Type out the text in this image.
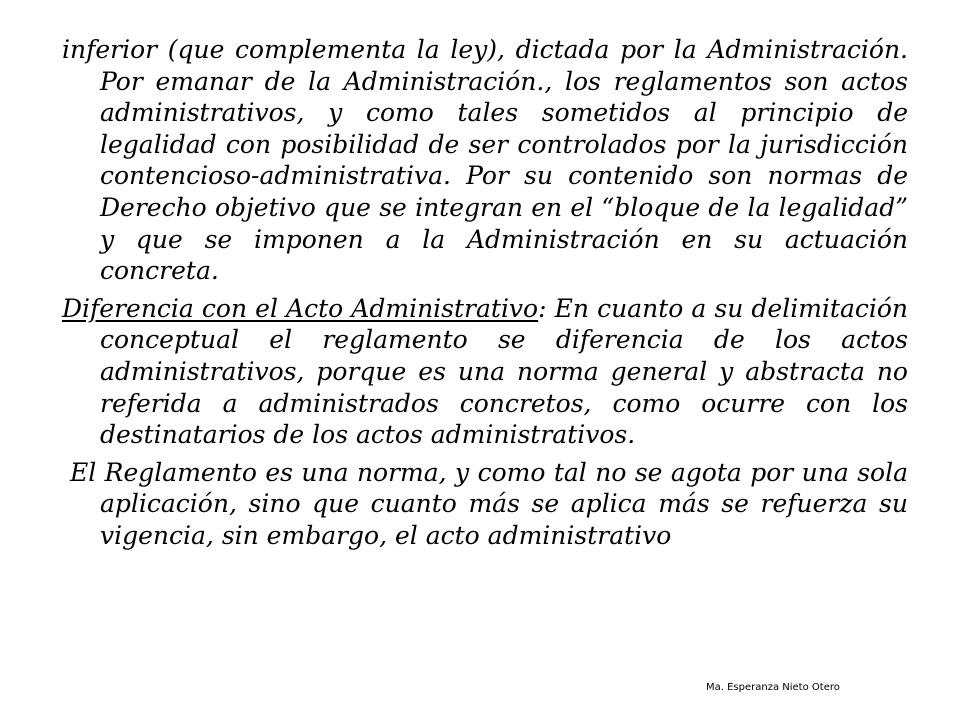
inferior (que complementa la ley), dictada por la Administración. Por emanar de la Administración., los reglamentos son actos administrativos, y como tales sometidos al principio de legalidad con posibilidad de ser controlados por la jurisdicción contencioso-administrativa. Por su contenido son normas de Derecho objetivo que se integran en el “bloque de la legalidad” y que se imponen a la Administración en su actuación concreta.

Diferencia con el Acto Administrativo: En cuanto a su delimitación conceptual el reglamento se diferencia de los actos administrativos, porque es una norma general y abstracta no referida a administrados concretos, como ocurre con los destinatarios de los actos administrativos.

El Reglamento es una norma, y como tal no se agota por una sola aplicación, sino que cuanto más se aplica más se refuerza su vigencia, sin embargo, el acto administrativo

Ma. Esperanza Nieto Otero
